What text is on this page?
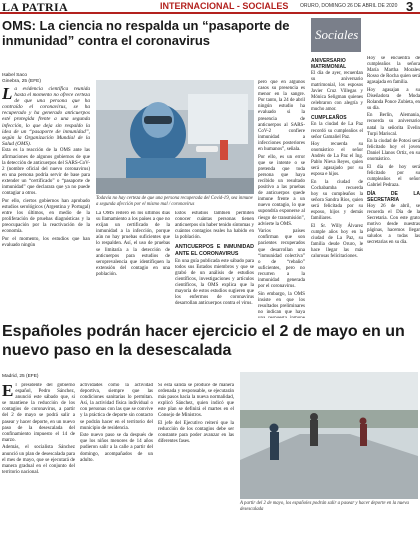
LA PATRIA	INTERNACIONAL - SOCIALES ORURO, DOMINGO 26 DE ABRIL DE 2020 3
OMS: La ciencia no respalda un “pasaporte de inmunidad” contra el coronavirus
Isabel Saco
Ginebra, 25 (EFE)

L a evidencia científica reunida hasta el momento no ofrece certeza de que una persona que ha contraído el coronavirus, se ha recuperado y ha generado anticuerpos esté protegida frente a una segunda infección, lo que deja sin respaldo la idea de un “pasaporte de inmunidad”, según la Organización Mundial de la Salud (OMS).

Esta es la reacción de la OMS ante las afirmaciones de algunos gobiernos de que la detección de anticuerpos del SARS-CoV-2 (nombre oficial del nuevo coronavirus) en una persona podría servir de base para extender un “certificado” o “pasaporte de inmunidad” que declarara que ya no puede contagiar a otros.

Por ello, ciertos gobiernos han aprobado estudios serológicos (Argentina y Portugal) entre los últimos, en medio de la proliferación de pruebas diagnósticas y la preocupación por la reactivación de la economía.

Por el momento, los estudios que han evaluado ningún

Todavía no hay certeza de que una persona recuperada del Covid-19, sea inmune a segunda afección por el mismo mal / coronavirus

La OMS reiteró en los últimos días su llamamiento a los países a que no exijan un certificado de la inmunidad a la infección, porque aún no hay pruebas suficientes que lo respalden. Así, el uso de pruebas se limitaría a la detección de anticuerpos para estudios de seroprevalencia que identifiquen la extensión del contagio en una población.

Estos estudios también permiten conocer cuántas personas tienen anticuerpos sin haber tenido síntomas y cuántos contagios reales ha habido en la población.

ANTICUERPOS E INMUNIDAD ANTE EL CORONAVIRUS

En una guía publicada este sábado para todos sus Estados miembros y que se grabó de un análisis de estudios científicos, investigaciones y artículos científicos, la OMS explica que la mayoría de estos estudios sugieren que los enfermos de coronavirus desarrollan anticuerpos contra el virus.

pero que en algunos casos su presencia es menor en la sangre. Por tanto, la 24 de abril ningún estudio ha evaluado si la presencia de anticuerpos al SARS-CoV-2 confiere inmunidad a infecciones posteriores en humanos”, señala.

Por ello, es un error que se intente o se pretenda que toda persona que haya recibido un resultado positivo a las pruebas de anticuerpos quede inmune frente a un nuevo contagio, lo que supondría exponerse al riesgo de transmisión”, advierte la OMS.

Varios países confirman que son pacientes recuperados que desarrollan una “inmunidad colectiva” o de “rebaño” suficientes, pero no recurren a la inmunidad generada por el coronavirus.

Sin embargo, la OMS insiste en que los resultados preliminares no indican que haya

Sociales
ANIVERSARIO MATRIMONIAL

El día de ayer, recuerdan su aniversario matrimonial, los esposos Javier Cruz Villegas y Mónica Seligman quienes celebraron con alegría y mucho amor.

CUMPLEAÑOS

En la ciudad de La Paz recordó su cumpleaños el señor Gamaliel Paz.

Hoy recuerda su onomástico el señor Andrés de La Paz el Ing. Pablo Nieva Reyes, quien será agasajado por su esposa e hijos.

En la ciudad de Cochabamba recuerda hoy su cumpleaños la señora Sandra Ríos, quien será felicitada por su esposo, hijos y demás familiares.

El Sr. Willy Álvarez cumple años hoy en la ciudad de La Paz, su familia desde Oruro, le hace llegar las más calurosas felicitaciones.

Hoy se encuentra de cumpleaños la señora María Martha Morales Rosso de Rocha quien será agasajada en familia.

Hoy agasajan a su Diseñadora de Moda Rolanda Ponce Zubieta, en su día.

En Berlín, Alemania, recuerda su aniversario natal la señorita Evelin Turpi Mariscal.

En la ciudad de Potosí será felicitado hoy el joven Daniel Llanos Ortiz, en su onomástico.

El día de hoy será felicitado por su cumpleaños el señor Gabriel Pedraza.

DÍA DE LA SECRETARIA

Hoy 26 de abril, se recuerda el Día de la Secretaria. Con este grato motivo desde nuestras páginas, hacemos llegar saludos a todas las secretarias en su día.

Españoles podrán hacer ejercicio el 2 de mayo en un nuevo paso en la desescalada
Madrid, 25 (EFE)

E l presidente del gobierno español, Pedro Sánchez, anunció este sábado que, si se mantiene la reducción de los contagios de coronavirus, a partir del 2 de mayo se podrá salir a pasear y hacer deporte, en un nuevo paso de la desescalada del confinamiento impuesto el 14 de marzo.

Además, el socialista Sánchez anunció un plan de desescalada para el mes de mayo, que se ejecutará de manera gradual en el conjunto del territorio nacional.

actividades como la actividad deportiva, siempre que las condiciones sanitarias lo permitan. Así, la actividad física individual o con personas con las que se convive y la práctica de deporte sin contacto se podrán hacer en el territorio del municipio de residencia.

Este nuevo paso se da después de que los niños menores de 14 años pudieron salir a la calle a partir del domingo, acompañados de un adulto.

Si esta salida se produce de manera ordenada y responsable, se ejecutarán más pasos hacia la nueva normalidad, explicó Sánchez, quien indicó que este plan se definirá el martes en el Consejo de Ministros.

El jefe del Ejecutivo reiteró que la reducción de los contagios debe ser constante para poder avanzar en las diferentes fases.

A partir del 2 de mayo, los españoles podrán salir a pasear y hacer deporte en la nueva desescalada
